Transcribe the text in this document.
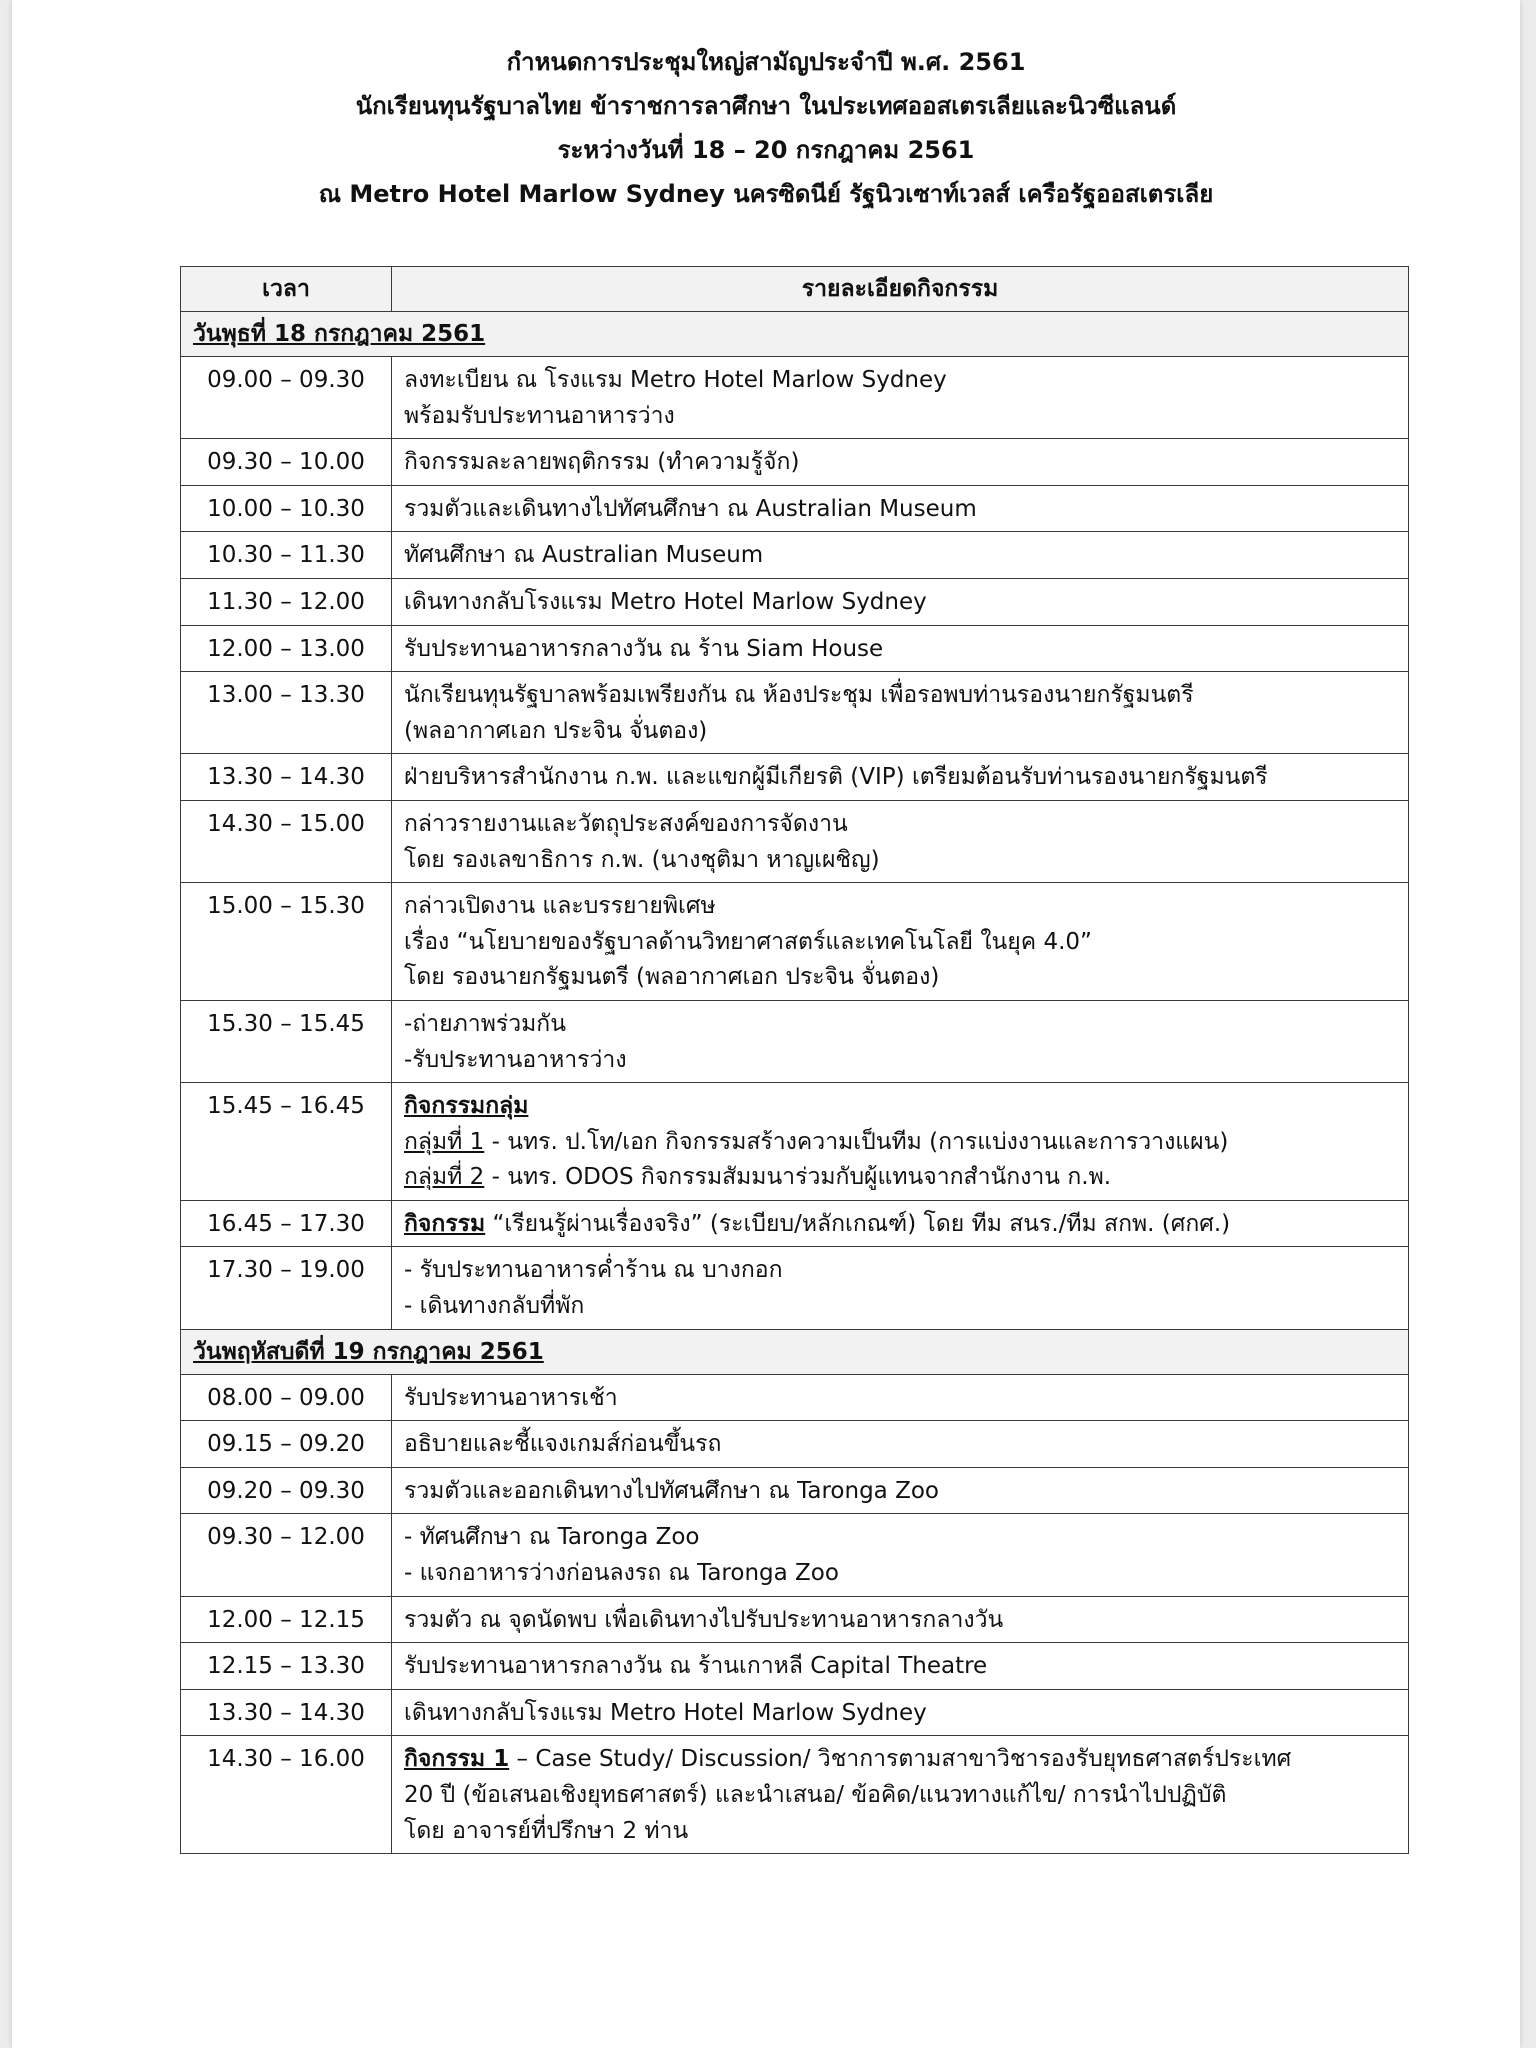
กำหนดการประชุมใหญ่สามัญประจำปี พ.ศ. 2561
นักเรียนทุนรัฐบาลไทย ข้าราชการลาศึกษา ในประเทศออสเตรเลียและนิวซีแลนด์
ระหว่างวันที่ 18 – 20 กรกฎาคม 2561
ณ Metro Hotel Marlow Sydney นครซิดนีย์ รัฐนิวเซาท์เวลส์ เครือรัฐออสเตรเลีย
เวลา	รายละเอียดกิจกรรม
วันพุธที่ 18 กรกฎาคม 2561	
09.00 – 09.30	ลงทะเบียน ณ โรงแรม Metro Hotel Marlow Sydney
พร้อมรับประทานอาหารว่าง

09.30 – 10.00	กิจกรรมละลายพฤติกรรม (ทำความรู้จัก)

10.00 – 10.30	รวมตัวและเดินทางไปทัศนศึกษา ณ Australian Museum

10.30 – 11.30	ทัศนศึกษา ณ Australian Museum

11.30 – 12.00	เดินทางกลับโรงแรม Metro Hotel Marlow Sydney

12.00 – 13.00	รับประทานอาหารกลางวัน ณ ร้าน Siam House

13.00 – 13.30	นักเรียนทุนรัฐบาลพร้อมเพรียงกัน ณ ห้องประชุม เพื่อรอพบท่านรองนายกรัฐมนตรี
(พลอากาศเอก ประจิน จั่นตอง)

13.30 – 14.30	ฝ่ายบริหารสำนักงาน ก.พ. และแขกผู้มีเกียรติ (VIP) เตรียมต้อนรับท่านรองนายกรัฐมนตรี

14.30 – 15.00	กล่าวรายงานและวัตถุประสงค์ของการจัดงาน
โดย รองเลขาธิการ ก.พ. (นางชุติมา หาญเผชิญ)

15.00 – 15.30	กล่าวเปิดงาน และบรรยายพิเศษ
เรื่อง “นโยบายของรัฐบาลด้านวิทยาศาสตร์และเทคโนโลยี ในยุค 4.0”
โดย รองนายกรัฐมนตรี (พลอากาศเอก ประจิน จั่นตอง)

15.30 – 15.45	-ถ่ายภาพร่วมกัน
-รับประทานอาหารว่าง

15.45 – 16.45	กิจกรรมกลุ่ม
กลุ่มที่ 1 - นทร. ป.โท/เอก กิจกรรมสร้างความเป็นทีม (การแบ่งงานและการวางแผน)
กลุ่มที่ 2 - นทร. ODOS กิจกรรมสัมมนาร่วมกับผู้แทนจากสำนักงาน ก.พ.

16.45 – 17.30	กิจกรรม “เรียนรู้ผ่านเรื่องจริง” (ระเบียบ/หลักเกณฑ์) โดย ทีม สนร./ทีม สกพ. (ศกศ.)

17.30 – 19.00	- รับประทานอาหารค่ำร้าน ณ บางกอก
- เดินทางกลับที่พัก

วันพฤหัสบดีที่ 19 กรกฎาคม 2561	
08.00 – 09.00	รับประทานอาหารเช้า

09.15 – 09.20	อธิบายและชี้แจงเกมส์ก่อนขึ้นรถ

09.20 – 09.30	รวมตัวและออกเดินทางไปทัศนศึกษา ณ Taronga Zoo

09.30 – 12.00	- ทัศนศึกษา ณ Taronga Zoo
- แจกอาหารว่างก่อนลงรถ ณ Taronga Zoo

12.00 – 12.15	รวมตัว ณ จุดนัดพบ เพื่อเดินทางไปรับประทานอาหารกลางวัน

12.15 – 13.30	รับประทานอาหารกลางวัน ณ ร้านเกาหลี Capital Theatre

13.30 – 14.30	เดินทางกลับโรงแรม Metro Hotel Marlow Sydney

14.30 – 16.00	กิจกรรม 1 – Case Study/ Discussion/ วิชาการตามสาขาวิชารองรับยุทธศาสตร์ประเทศ
20 ปี (ข้อเสนอเชิงยุทธศาสตร์) และนำเสนอ/ ข้อคิด/แนวทางแก้ไข/ การนำไปปฏิบัติ
โดย อาจารย์ที่ปรึกษา 2 ท่าน
